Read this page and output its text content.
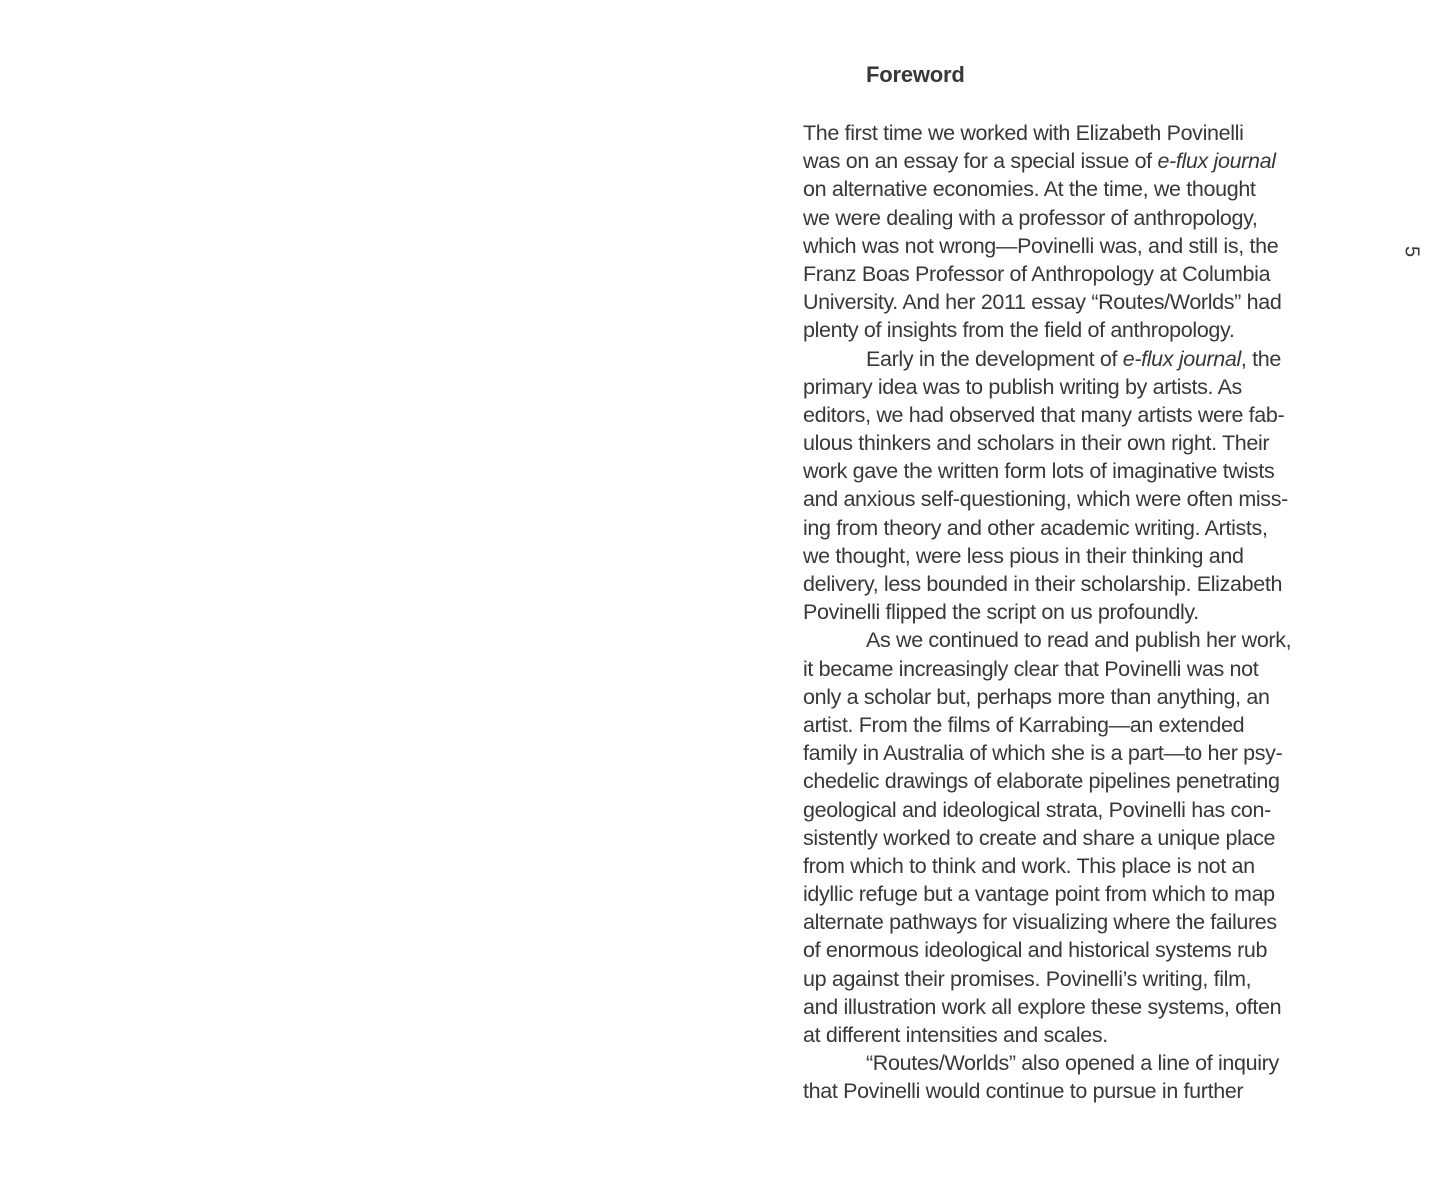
Foreword
The first time we worked with Elizabeth Povinelli
was on an essay for a special issue of e-flux journal
on alternative economies. At the time, we thought
we were dealing with a professor of anthropology,
which was not wrong—Povinelli was, and still is, the
Franz Boas Professor of Anthropology at Columbia
University. And her 2011 essay “Routes/Worlds” had
plenty of insights from the field of anthropology.
Early in the development of e-flux journal, the
primary idea was to publish writing by artists. As
editors, we had observed that many artists were fab-
ulous thinkers and scholars in their own right. Their
work gave the written form lots of imaginative twists
and anxious self-questioning, which were often miss-
ing from theory and other academic writing. Artists,
we thought, were less pious in their thinking and
delivery, less bounded in their scholarship. Elizabeth
Povinelli flipped the script on us profoundly.
As we continued to read and publish her work,
it became increasingly clear that Povinelli was not
only a scholar but, perhaps more than anything, an
artist. From the films of Karrabing—an extended
family in Australia of which she is a part—to her psy-
chedelic drawings of elaborate pipelines penetrating
geological and ideological strata, Povinelli has con-
sistently worked to create and share a unique place
from which to think and work. This place is not an
idyllic refuge but a vantage point from which to map
alternate pathways for visualizing where the failures
of enormous ideological and historical systems rub
up against their promises. Povinelli’s writing, film,
and illustration work all explore these systems, often
at different intensities and scales.
“Routes/Worlds” also opened a line of inquiry
that Povinelli would continue to pursue in further
5
